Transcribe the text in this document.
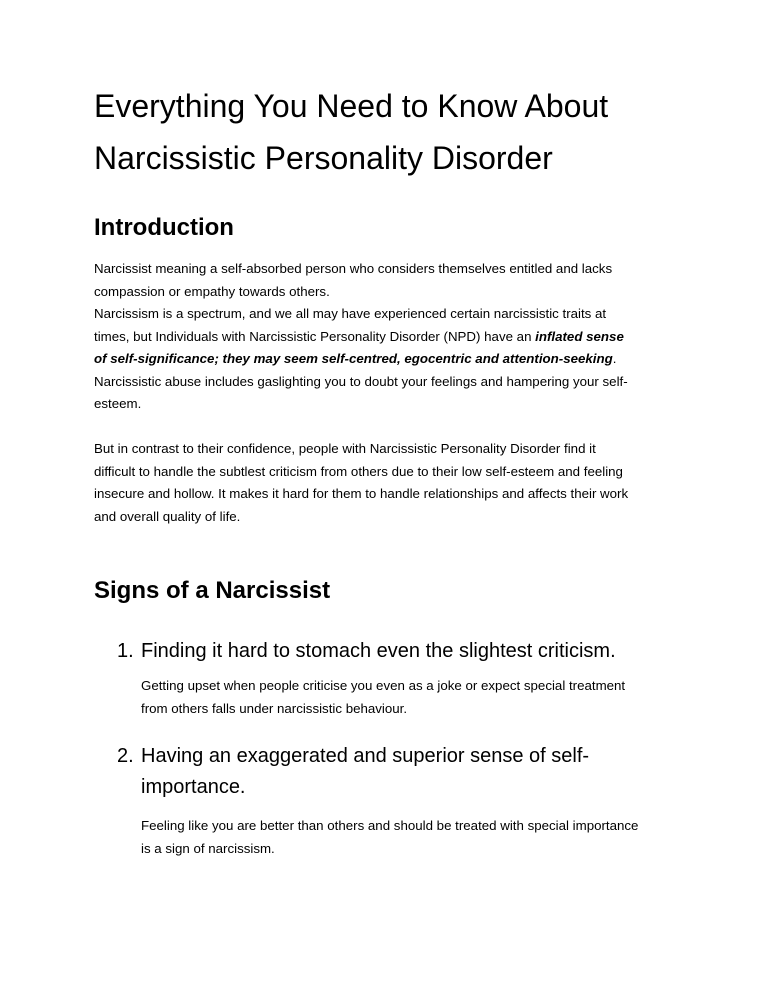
Everything You Need to Know About
Narcissistic Personality Disorder
Introduction

Narcissist meaning a self-absorbed person who considers themselves entitled and lacks
compassion or empathy towards others.
Narcissism is a spectrum, and we all may have experienced certain narcissistic traits at
times, but Individuals with Narcissistic Personality Disorder (NPD) have an inflated sense
of self-significance; they may seem self-centred, egocentric and attention-seeking.
Narcissistic abuse includes gaslighting you to doubt your feelings and hampering your self-
esteem.

But in contrast to their confidence, people with Narcissistic Personality Disorder find it
difficult to handle the subtlest criticism from others due to their low self-esteem and feeling
insecure and hollow. It makes it hard for them to handle relationships and affects their work
and overall quality of life.

Signs of a Narcissist
1. Finding it hard to stomach even the slightest criticism.

Getting upset when people criticise you even as a joke or expect special treatment
from others falls under narcissistic behaviour.

2. Having an exaggerated and superior sense of self-
importance.

Feeling like you are better than others and should be treated with special importance
is a sign of narcissism.
